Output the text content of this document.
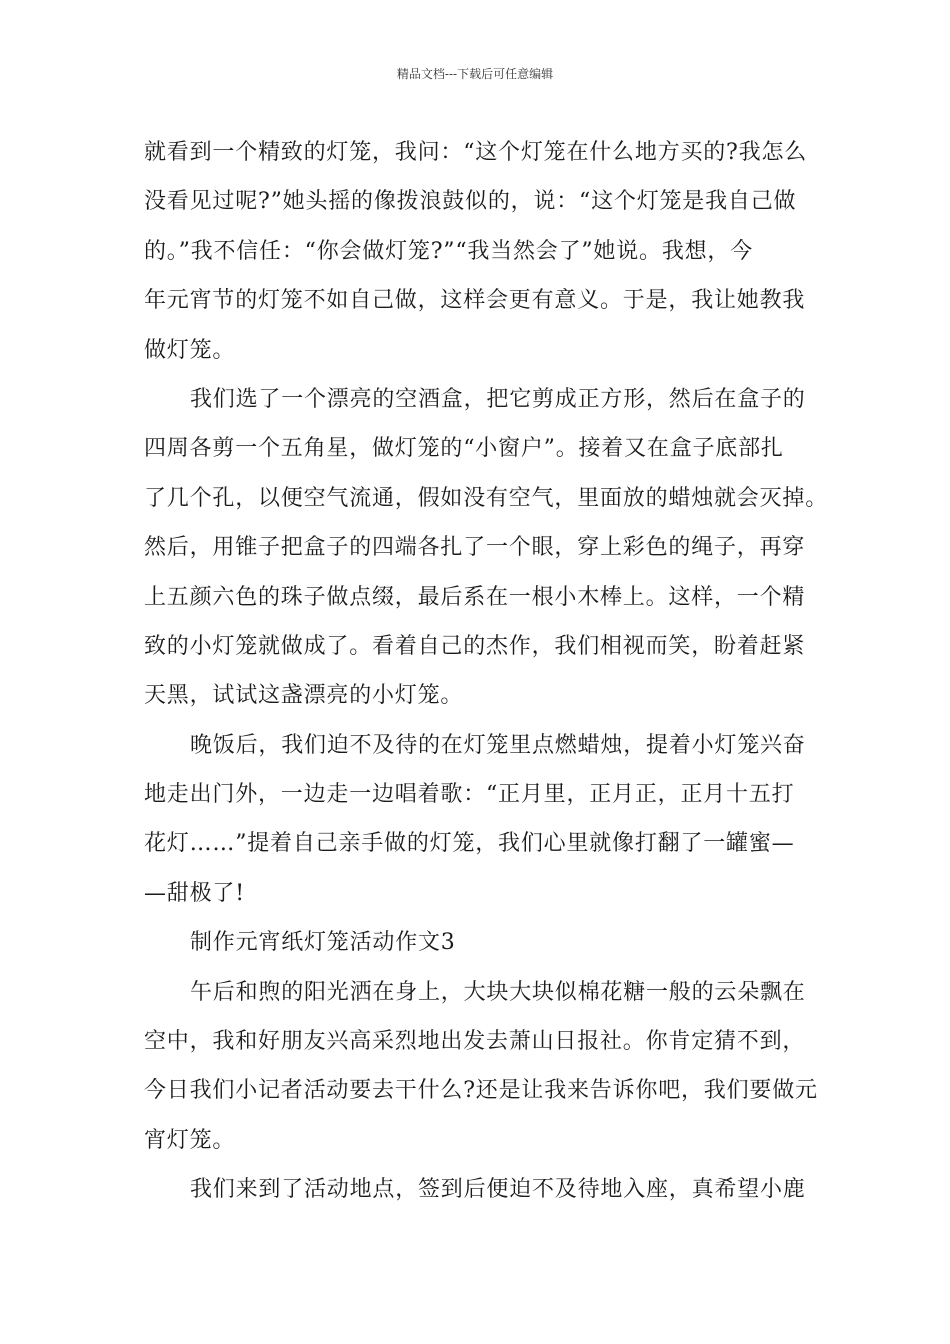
精品文档---下载后可任意编辑
就看到一个精致的灯笼，我问：“这个灯笼在什么地方买的?我怎么
没看见过呢?”她头摇的像拨浪鼓似的，说：“这个灯笼是我自己做
的。”我不信任：“你会做灯笼?”“我当然会了”她说。我想，今
年元宵节的灯笼不如自己做，这样会更有意义。于是，我让她教我
做灯笼。
我们选了一个漂亮的空酒盒，把它剪成正方形，然后在盒子的
四周各剪一个五角星，做灯笼的“小窗户”。接着又在盒子底部扎
了几个孔，以便空气流通，假如没有空气，里面放的蜡烛就会灭掉。
然后，用锥子把盒子的四端各扎了一个眼，穿上彩色的绳子，再穿
上五颜六色的珠子做点缀，最后系在一根小木棒上。这样，一个精
致的小灯笼就做成了。看着自己的杰作，我们相视而笑，盼着赶紧
天黑，试试这盏漂亮的小灯笼。
晚饭后，我们迫不及待的在灯笼里点燃蜡烛，提着小灯笼兴奋
地走出门外，一边走一边唱着歌：“正月里，正月正，正月十五打
花灯……”提着自己亲手做的灯笼，我们心里就像打翻了一罐蜜—
—甜极了!
制作元宵纸灯笼活动作文3
午后和煦的阳光洒在身上，大块大块似棉花糖一般的云朵飘在
空中，我和好朋友兴高采烈地出发去萧山日报社。你肯定猜不到，
今日我们小记者活动要去干什么?还是让我来告诉你吧，我们要做元
宵灯笼。
我们来到了活动地点，签到后便迫不及待地入座，真希望小鹿
